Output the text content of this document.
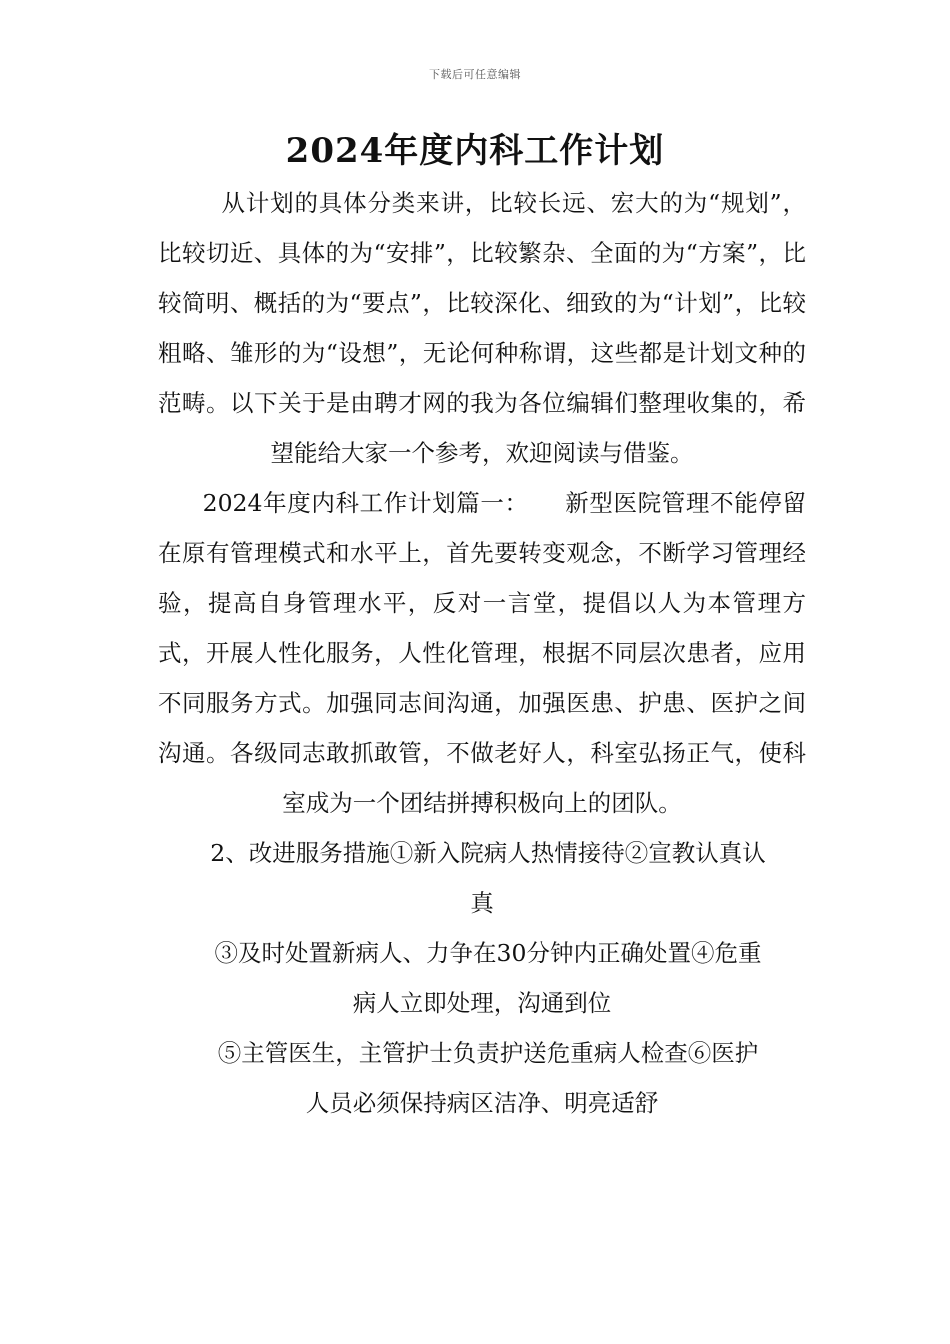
下载后可任意编辑
2024年度内科工作计划

从计划的具体分类来讲，比较长远、宏大的为“规划”，比较切近、具体的为“安排”，比较繁杂、全面的为“方案”，比较简明、概括的为“要点”，比较深化、细致的为“计划”，比较粗略、雏形的为“设想”，无论何种称谓，这些都是计划文种的范畴。以下关于是由聘才网的我为各位编辑们整理收集的，希望能给大家一个参考，欢迎阅读与借鉴。

2024年度内科工作计划篇一：　　新型医院管理不能停留在原有管理模式和水平上，首先要转变观念，不断学习管理经验，提高自身管理水平，反对一言堂，提倡以人为本管理方式，开展人性化服务，人性化管理，根据不同层次患者，应用不同服务方式。加强同志间沟通，加强医患、护患、医护之间沟通。各级同志敢抓敢管，不做老好人，科室弘扬正气，使科室成为一个团结拼搏积极向上的团队。

2、改进服务措施①新入院病人热情接待②宣教认真认

真

③及时处置新病人、力争在30分钟内正确处置④危重

病人立即处理，沟通到位

⑤主管医生，主管护士负责护送危重病人检查⑥医护

人员必须保持病区洁净、明亮适舒
